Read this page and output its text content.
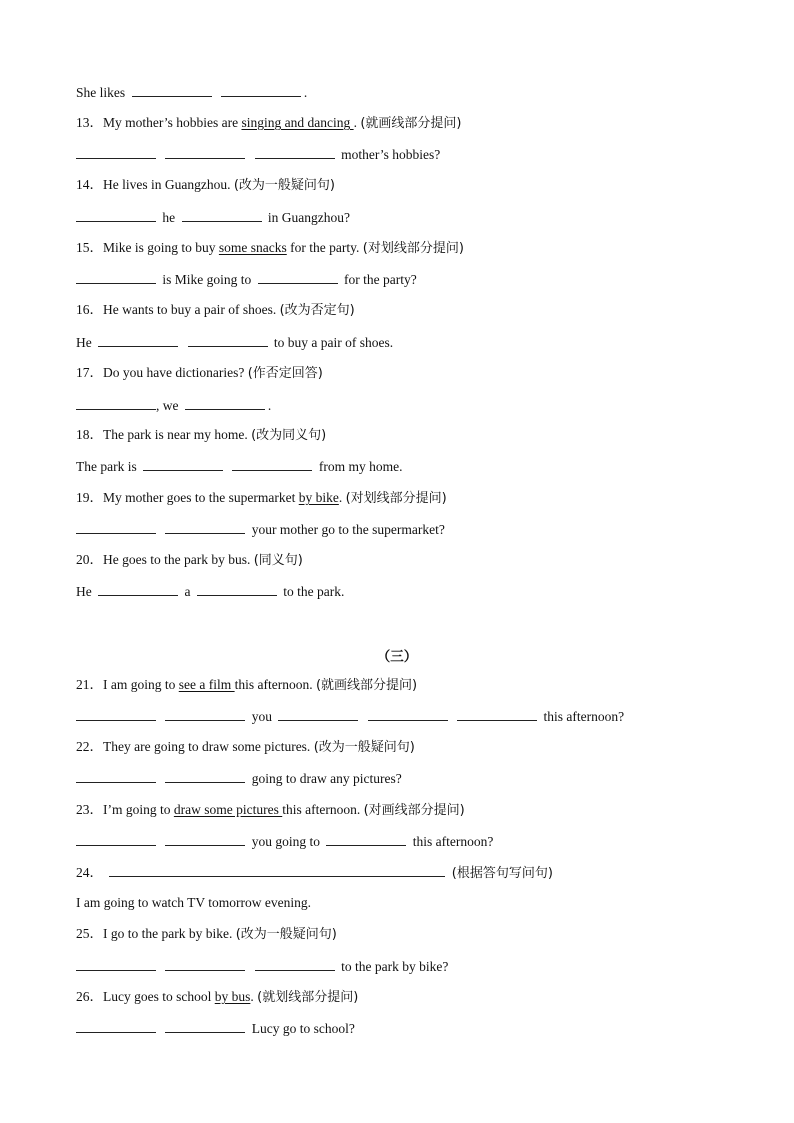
She likes	.
13．My mother’s hobbies are singing and dancing . (就画线部分提问)
mother’s hobbies?
14．He lives in Guangzhou. (改为一般疑问句)
he	in Guangzhou?
15．Mike is going to buy some snacks for the party. (对划线部分提问)
is Mike going to	for the party?
16．He wants to buy a pair of shoes. (改为否定句)
He	to buy a pair of shoes.
17．Do you have dictionaries? (作否定回答)
, we	.
18．The park is near my home. (改为同义句)
The park is	from my home.
19．My mother goes to the supermarket by bike. (对划线部分提问)
your mother go to the supermarket?
20．He goes to the park by bus. (同义句)
He	a	to the park.
（三）
21．I am going to see a film this afternoon. (就画线部分提问)
you	this afternoon?
22．They are going to draw some pictures. (改为一般疑问句)
going to draw any pictures?
23．I’m going to draw some pictures this afternoon. (对画线部分提问)
you going to	this afternoon?
24．	(根据答句写问句)
I am going to watch TV tomorrow evening.
25．I go to the park by bike. (改为一般疑问句)
to the park by bike?
26．Lucy goes to school by bus. (就划线部分提问)
Lucy go to school?
